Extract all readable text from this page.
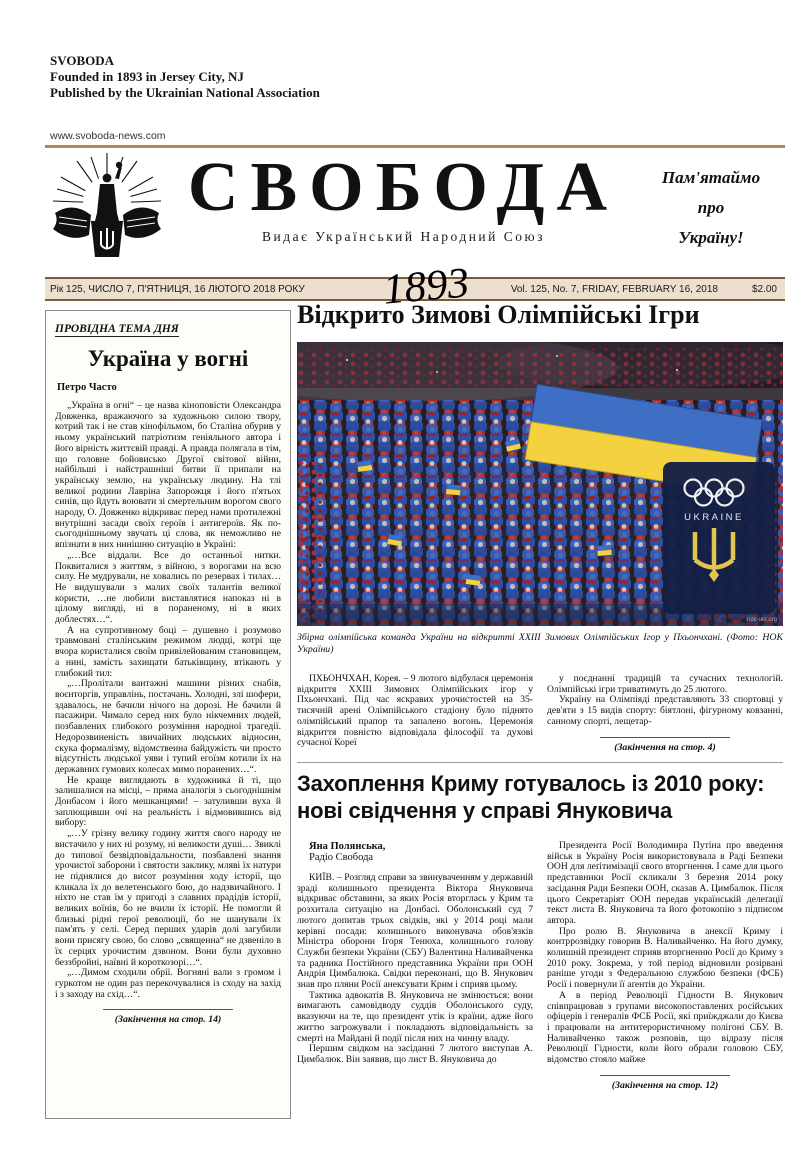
SVOBODA
Founded in 1893 in Jersey City, NJ
Published by the Ukrainian National Association
www.svoboda-news.com
СВОБОДА
Видає Український Народний Союз
Пам'ятаймо
про
Україну!
Рік 125, ЧИСЛО 7, П'ЯТНИЦЯ, 16 ЛЮТОГО 2018 РОКУ	Vol. 125, No. 7, FRIDAY, FEBRUARY 16, 2018	$2.00
1893
ПРОВІДНА ТЕМА ДНЯ
Україна у вогні
Петро Часто

„Україна в огні“ – це назва кіноповісти Олександра Довженка, вражаючого за художньою силою твору, котрий так і не став кінофільмом, бо Сталіна обурив у ньому український патріотизм геніяльного автора і його вірність життєвій правді. А правда полягала в тім, що головне бойовисько Другої світової війни, найбільші і найстрашніші битви її припали на українську землю, на українську людину. На тлі великої родини Лавріна Запорожця і його п'ятьох синів, що йдуть воювати зі смертельним ворогом свого народу, О. Довженко відкриває перед нами протилежні внутрішні засади своїх героїв і антигероїв. Як по-сьогоднішньому звучать ці слова, як неможливо не впізнати в них нинішню ситуацію в Україні:

„…Все віддали. Все до останньої нитки. Поквиталися з життям, з війною, з ворогами на всю силу. Не мудрували, не ховались по резервах і тилах… Не видушували з малих своїх талантів великої користи, …не любили виставлятися напоказ ні в цілому вигляді, ні в пораненому, ні в яких доблестях…“.

А на супротивному боці – душевно і розумово травмовані сталінським режимом людці, котрі ще вчора користалися своїм привілейованим становищем, а нині, замість захищати батьківщину, втікають у глибокий тил:

„…Пролітали вантажні машини різних снабів, воєнторгів, управлінь, постачань. Холодні, злі шофери, здавалось, не бачили нічого на дорозі. Не бачили й пасажири. Чимало серед них було нікчемних людей, позбавлених глибокого розуміння народної трагедії. Недорозвиненість звичайних людських відносин, скука формалізму, відомственна байдужість чи просто відсутність людської уяви і тупий егоїзм котили їх на державних гумових колесах мимо поранених…“.

Не краще виглядають в художника й ті, що залишалися на місці, – пряма аналогія з сьогоднішнім Донбасом і його мешканцями! – затуливши вуха й заплющивши очі на реальність і відмовившись від вибору:

„…У грізну велику годину життя свого народу не вистачило у них ні розуму, ні великости душі… Звиклі до типової безвідповідальности, позбавлені знання урочистої заборони і святости заклику, мляві їх натури не піднялися до висот розуміння ходу історії, що кликала їх до велетенського бою, до надзвичайного. І ніхто не став їм у пригоді з славних прадідів історії, великих воїнів, бо не вчили їх історії. Не помогли й близькі рідні герої революції, бо не шанували їх пам'ять у селі. Серед перших ударів долі загубили вони присягу свою, бо слово „священна“ не дзвеніло в їх серцях урочистим дзвоном. Вони були духовно беззбройні, наївні й короткозорі…“.

„…Димом сходили обрії. Вогняні вали з громом і гуркотом не один раз перекочувалися із сходу на захід і з заходу на схід…“.

(Закінчення на стор. 14)
Відкрито Зимові Олімпійські Ігри
UKRAINE
noc-ukr.org
Збірна олімпійська команда України на відкритті XXIII Зимових Олімпійських Ігор у Пхьончхані. (Фото: НОК України)

ПХЬОНЧХАН, Корея. – 9 лютого відбулася церемонія відкриття XXIII Зимових Олімпійських ігор у Пхьончхані. Під час яскравих урочистостей на 35-тисячній арені Олімпійського стадіону було піднято олімпійський прапор та запалено вогонь. Церемонія відкриття повністю відповідала філософії та духові сучасної Кореї

у поєднанні традицій та сучасних технологій. Олімпійські ігри триватимуть до 25 лютого.

Україну на Олімпіяді представляють 33 спортовці у дев'яти з 15 видів спорту: біятлоні, фігурному ковзанні, санному спорті, лещетар-

(Закінчення на стор. 4)
Захоплення Криму готувалось із 2010 року:
нові свідчення у справі Януковича
Яна Полянська,
Радіо Свобода

КИЇВ. – Розгляд справи за звинуваченням у державній зраді колишнього президента Віктора Януковича відкриває обставини, за яких Росія вторглась у Крим та розхитала ситуацію на Донбасі. Оболонський суд 7 лютого допитав трьох свідків, які у 2014 році мали керівні посади: колишнього виконувача обов'язків Міністра оборони Ігоря Тенюха, колишнього голову Служби безпеки України (СБУ) Валентина Наливайченка та радника Постійного представника України при ООН Андрія Цимбалюка. Свідки переконані, що В. Янукович знав про пляни Росії анексувати Крим і сприяв цьому.

Тактика адвокатів В. Януковича не змінюється: вони вимагають самовідводу суддів Оболонського суду, вказуючи на те, що президент утік із країни, адже його життю загрожували і покладають відповідальність за смерті на Майдані й події після них на чинну владу.

Першим свідком на засіданні 7 лютого виступав А. Цимбалюк. Він заявив, що лист В. Януковича до

Президента Росії Володимира Путіна про введення військ в Україну Росія використовувала в Раді Безпеки ООН для леґітимізації свого вторгнення. І саме для цього представники Росії скликали 3 березня 2014 року засідання Ради Безпеки ООН, сказав А. Цимбалюк. Після цього Секретаріят ООН передав українській делеґації текст листа В. Януковича та його фотокопію з підписом автора.

Про ролю В. Януковича в анексії Криму і контррозвідку говорив В. Наливайченко. На його думку, колишній президент сприяв вторгненню Росії до Криму з 2010 року. Зокрема, у той період відновили розірвані раніше угоди з Федеральною службою безпеки (ФСБ) Росії і повернули її аґентів до України.

А в період Революції Гідности В. Янукович співпрацював з групами високопоставлених російських офіцерів і генералів ФСБ Росії, які приїжджали до Києва і працювали на антитерористичному полігоні СБУ. В. Наливайченко також розповів, що відразу після Революції Гідности, коли його обрали головою СБУ, відомство стояло майже

(Закінчення на стор. 12)
